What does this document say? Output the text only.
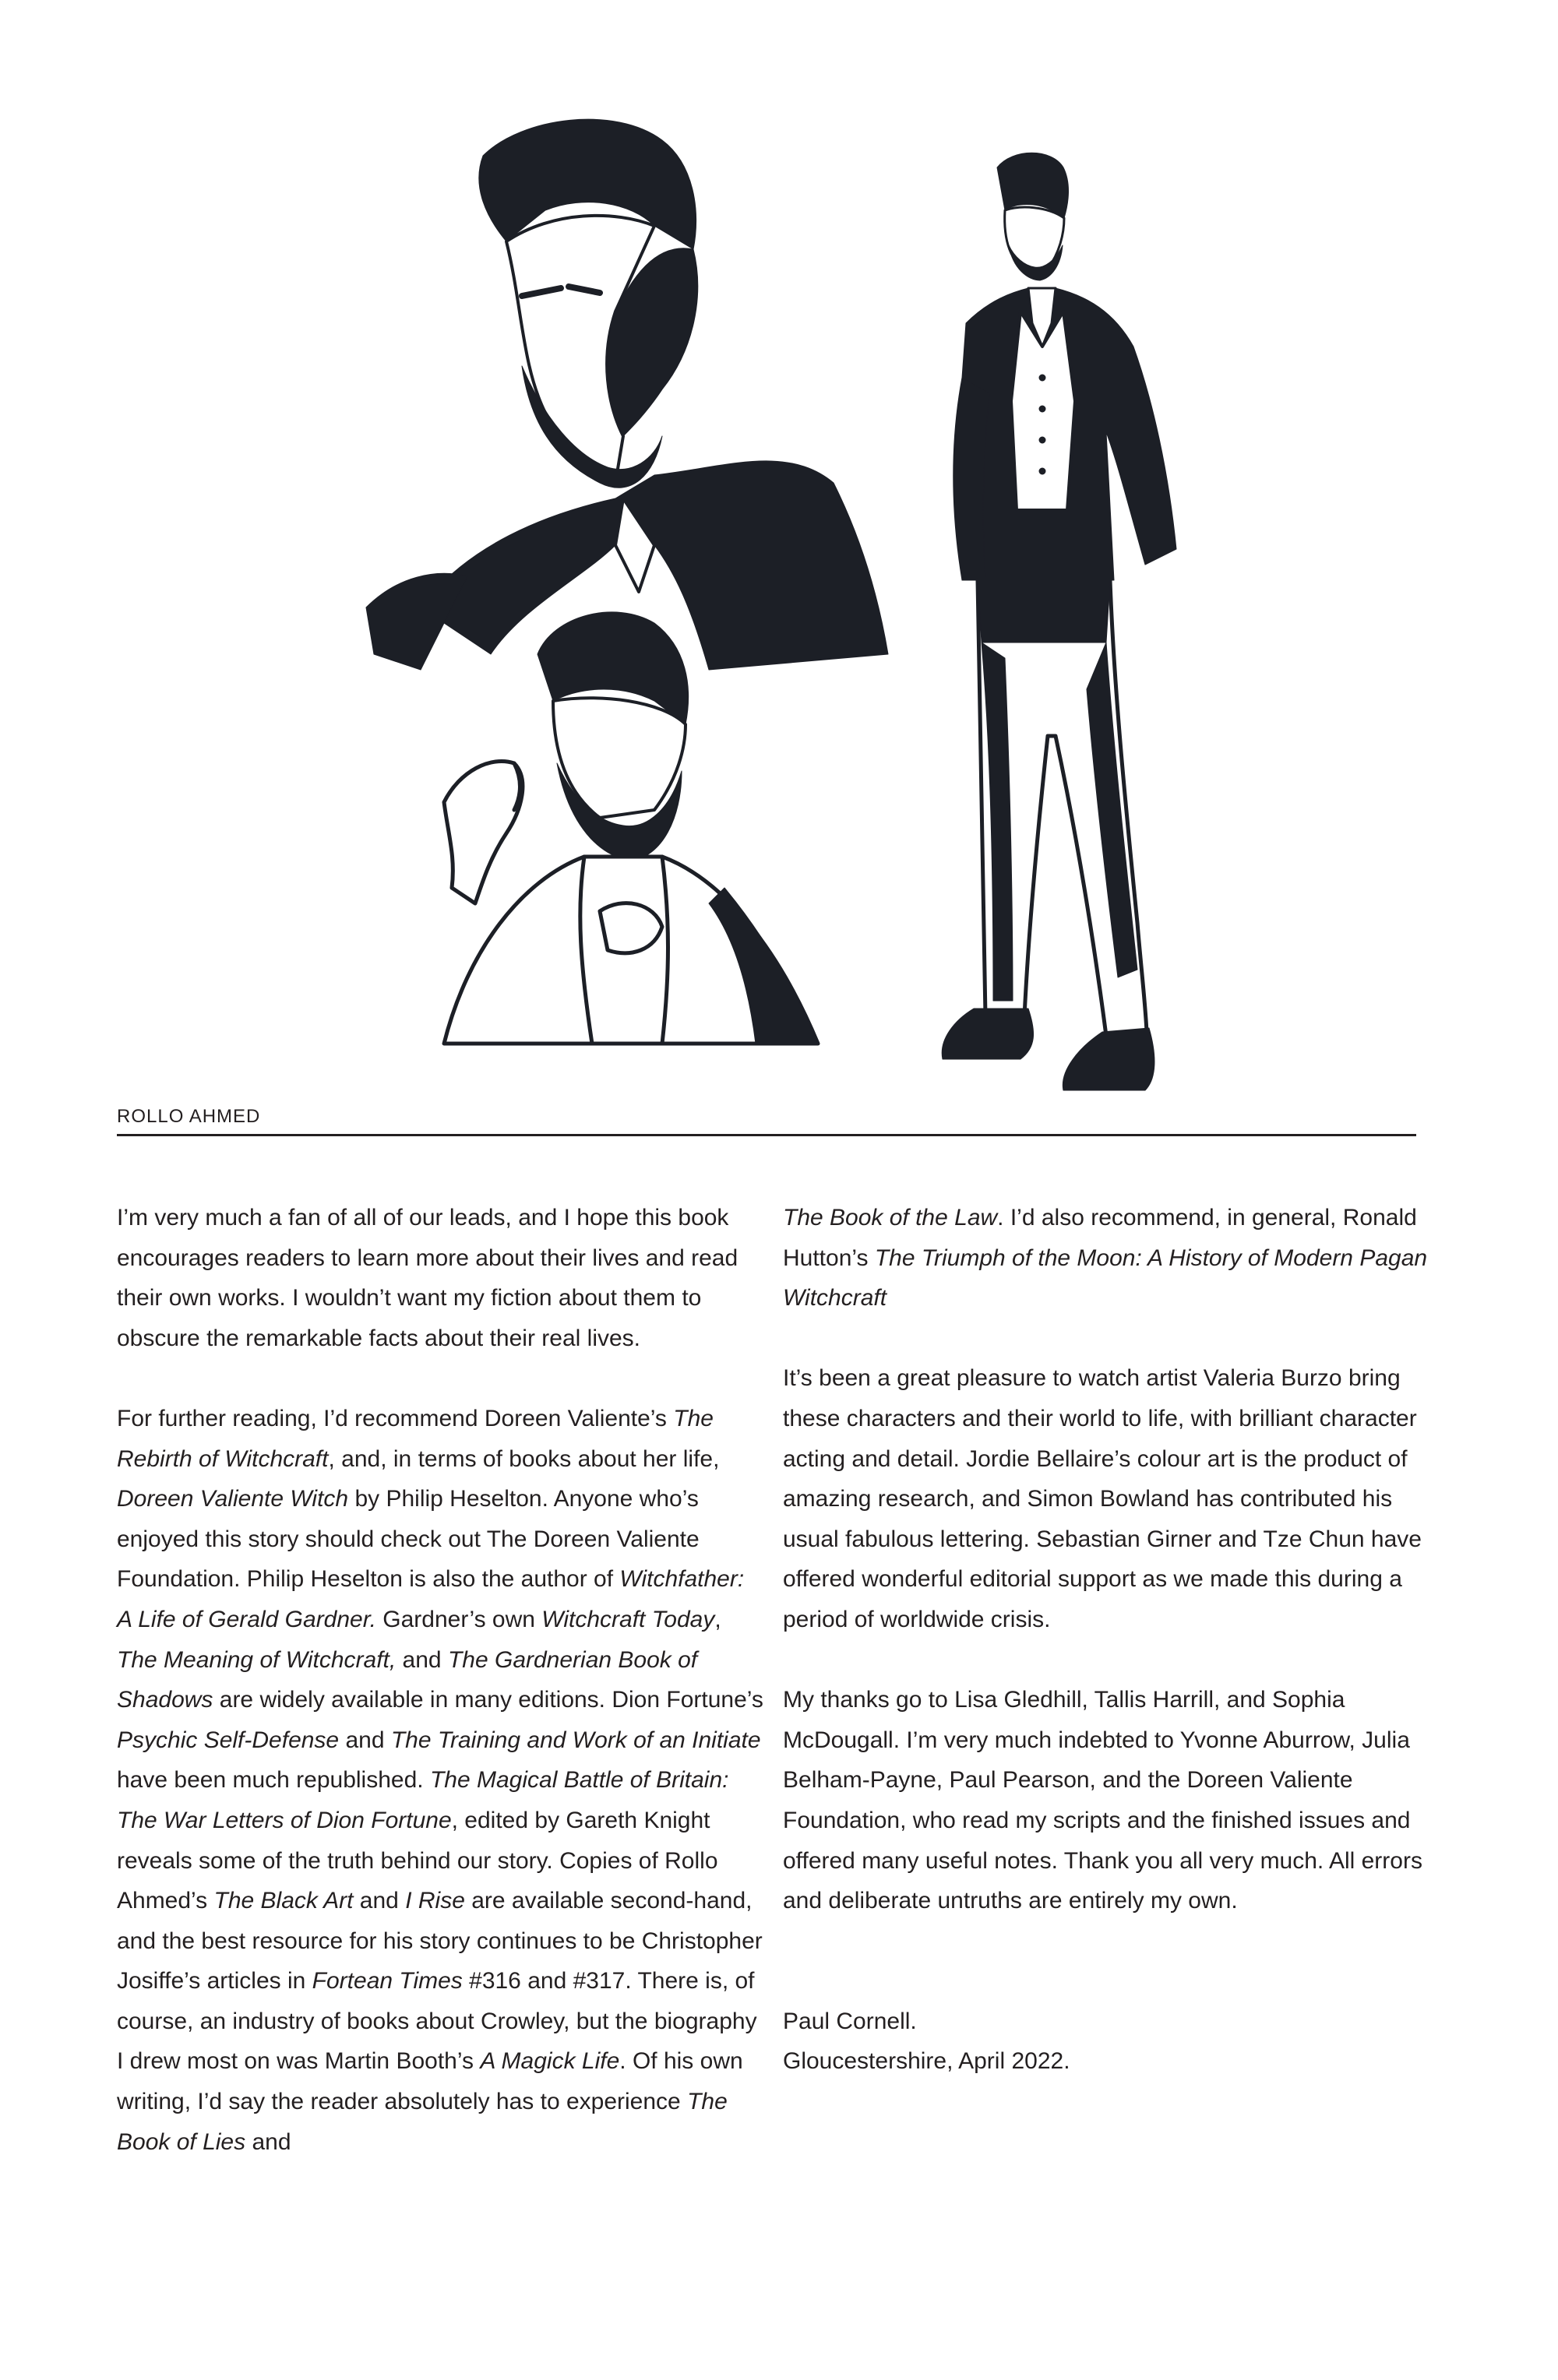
ROLLO AHMED

I’m very much a fan of all of our leads, and I hope this book encourages readers to learn more about their lives and read their own works. I wouldn’t want my fiction about them to obscure the remarkable facts about their real lives.

For further reading, I’d recommend Doreen Valiente’s The Rebirth of Witchcraft, and, in terms of books about her life, Doreen Valiente Witch by Philip Heselton. Anyone who’s enjoyed this story should check out The Doreen Valiente Foundation. Philip Heselton is also the author of Witchfather: A Life of Gerald Gardner. Gardner’s own Witchcraft Today, The Meaning of Witchcraft, and The Gardnerian Book of Shadows are widely available in many editions. Dion Fortune’s Psychic Self-Defense and The Training and Work of an Initiate have been much republished. The Magical Battle of Britain: The War Letters of Dion Fortune, edited by Gareth Knight reveals some of the truth behind our story. Copies of Rollo Ahmed’s The Black Art and I Rise are available second-hand, and the best resource for his story continues to be Christopher Josiffe’s articles in Fortean Times #316 and #317. There is, of course, an industry of books about Crowley, but the biography I drew most on was Martin Booth’s A Magick Life. Of his own writing, I’d say the reader absolutely has to experience The Book of Lies and

The Book of the Law. I’d also recommend, in general, Ronald Hutton’s The Triumph of the Moon: A History of Modern Pagan Witchcraft

It’s been a great pleasure to watch artist Valeria Burzo bring these characters and their world to life, with brilliant character acting and detail. Jordie Bellaire’s colour art is the product of amazing research, and Simon Bowland has contributed his usual fabulous lettering. Sebastian Girner and Tze Chun have offered wonderful editorial support as we made this during a period of worldwide crisis.

My thanks go to Lisa Gledhill, Tallis Harrill, and Sophia McDougall. I’m very much indebted to Yvonne Aburrow, Julia Belham-Payne, Paul Pearson, and the Doreen Valiente Foundation, who read my scripts and the finished issues and offered many useful notes. Thank you all very much. All errors and deliberate untruths are entirely my own.

Paul Cornell.

Gloucestershire, April 2022.
